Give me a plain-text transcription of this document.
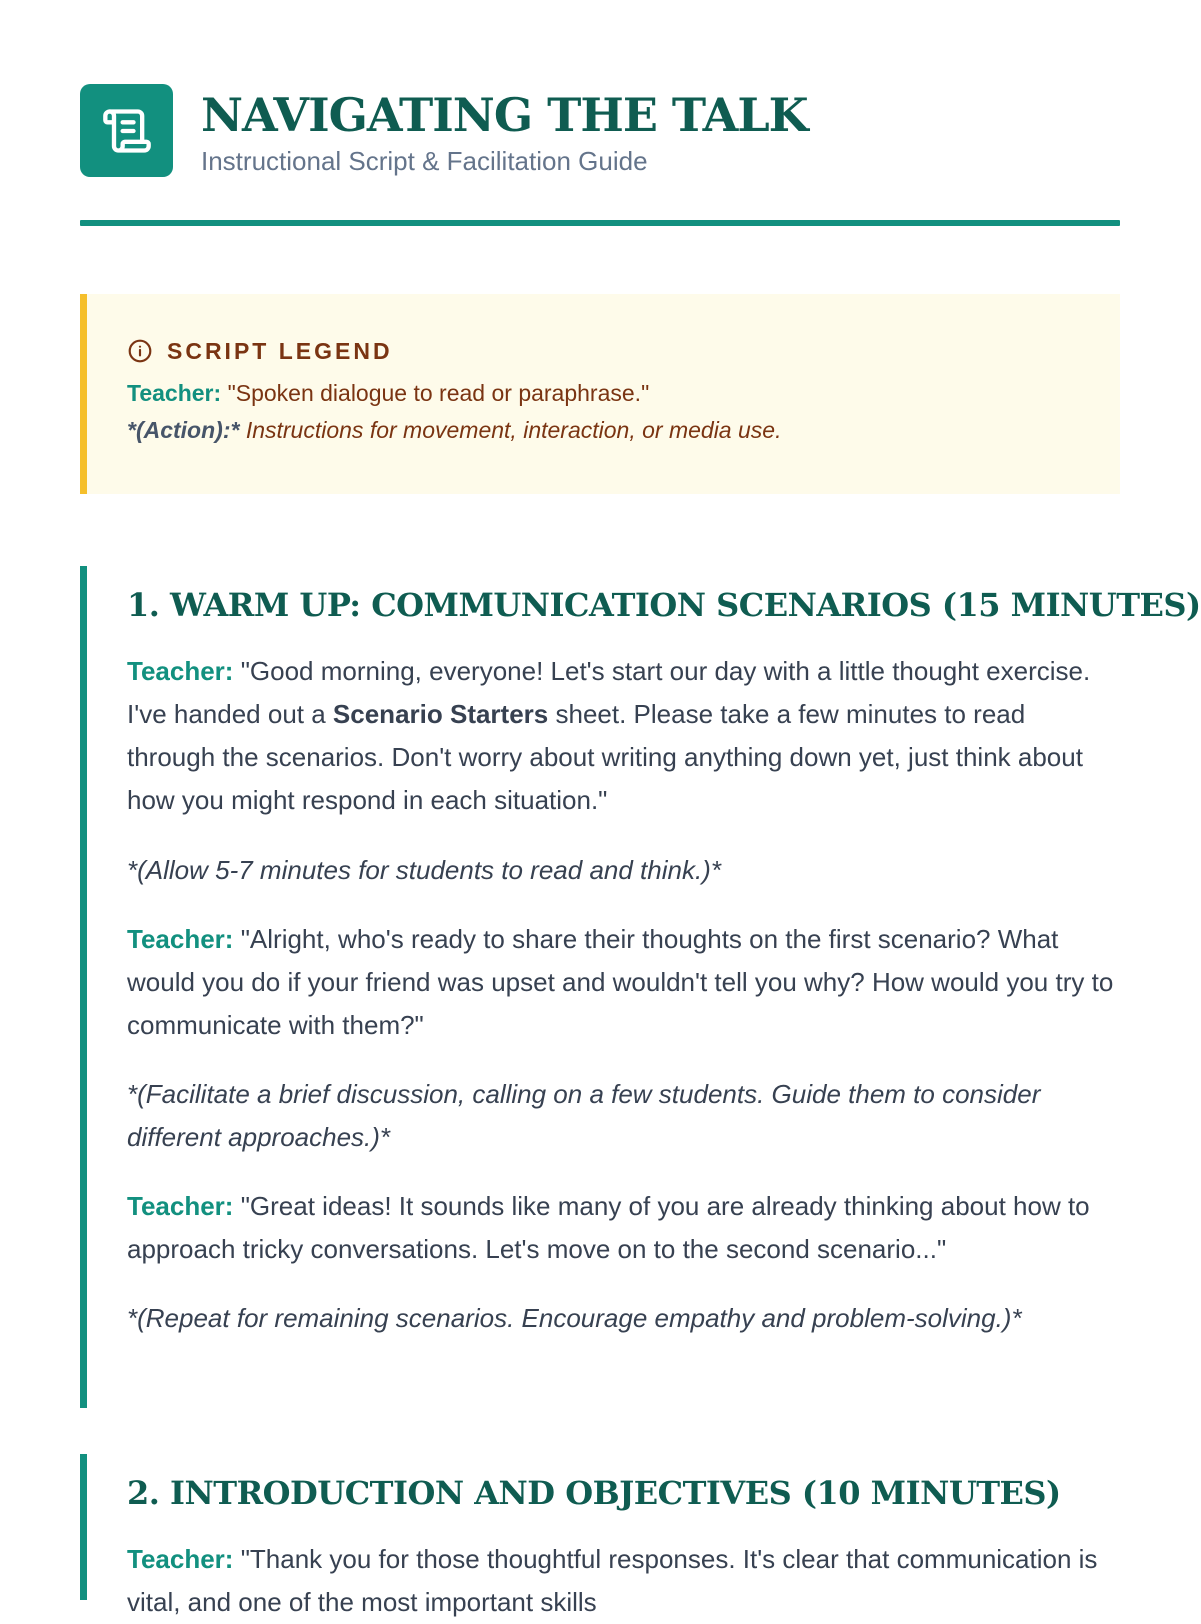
NAVIGATING THE TALK
Instructional Script & Facilitation Guide
SCRIPT LEGEND
Teacher: "Spoken dialogue to read or paraphrase."
*(Action):* Instructions for movement, interaction, or media use.
1. WARM UP: COMMUNICATION SCENARIOS (15 MINUTES)

Teacher: "Good morning, everyone! Let's start our day with a little thought exercise. I've handed out a Scenario Starters sheet. Please take a few minutes to read through the scenarios. Don't worry about writing anything down yet, just think about how you might respond in each situation."

*(Allow 5-7 minutes for students to read and think.)*

Teacher: "Alright, who's ready to share their thoughts on the first scenario? What would you do if your friend was upset and wouldn't tell you why? How would you try to communicate with them?"

*(Facilitate a brief discussion, calling on a few students. Guide them to consider different approaches.)*

Teacher: "Great ideas! It sounds like many of you are already thinking about how to approach tricky conversations. Let's move on to the second scenario..."

*(Repeat for remaining scenarios. Encourage empathy and problem-solving.)*

2. INTRODUCTION AND OBJECTIVES (10 MINUTES)

Teacher: "Thank you for those thoughtful responses. It's clear that communication is vital, and one of the most important skills
